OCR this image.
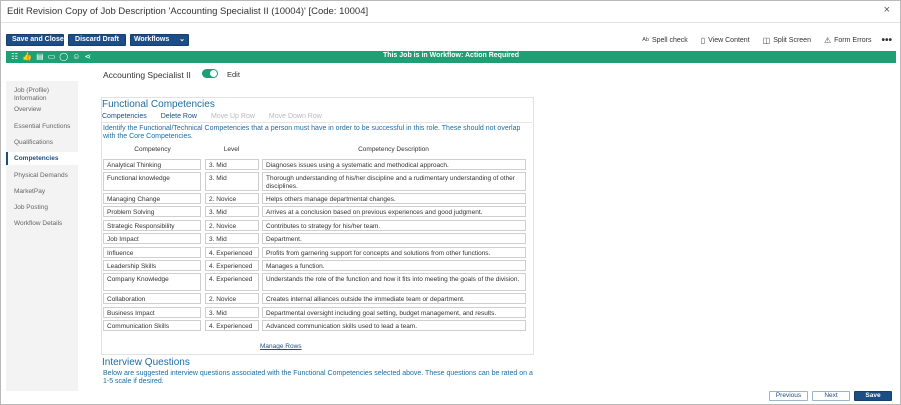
Edit Revision Copy of Job Description 'Accounting Specialist II (10004)' [Code: 10004]	×
Save and Close	Discard Draft	Workflows ⌄	ᴬᵇ Spell check ▯ View Content ◫ Split Screen ⚠ Form Errors •••
☷ 👍 ▤ ▭ ◯ ☺ ⋖	This Job is in Workflow: Action Required
Accounting Specialist II	Edit
Job (Profile) Information
Overview
Essential Functions
Qualifications
Competencies
Physical Demands
MarketPay
Job Posting
Workflow Details
Functional Competencies
Competencies Delete Row Move Up Row Move Down Row
Identify the Functional/Technical Competencies that a person must have in order to be successful in this role. These should not overlap with the Core Competencies.
Competency	Level	Competency Description
Analytical Thinking	3. Mid	Diagnoses issues using a systematic and methodical approach.
Functional knowledge	3. Mid	Thorough understanding of his/her discipline and a rudimentary understanding of other disciplines.
Managing Change	2. Novice	Helps others manage departmental changes.
Problem Solving	3. Mid	Arrives at a conclusion based on previous experiences and good judgment.
Strategic Responsibility	2. Novice	Contributes to strategy for his/her team.
Job Impact	3. Mid	Department.
Influence	4. Experienced	Profits from garnering support for concepts and solutions from other functions.
Leadership Skills	4. Experienced	Manages a function.
Company Knowledge	4. Experienced	Understands the role of the function and how it fits into meeting the goals of the division.
Collaboration	2. Novice	Creates internal alliances outside the immediate team or department.
Business Impact	3. Mid	Departmental oversight including goal setting, budget management, and results.
Communication Skills	4. Experienced	Advanced communication skills used to lead a team.
Manage Rows
Interview Questions
Below are suggested interview questions associated with the Functional Competencies selected above. These questions can be rated on a 1-5 scale if desired.
Previous	Next	Save
